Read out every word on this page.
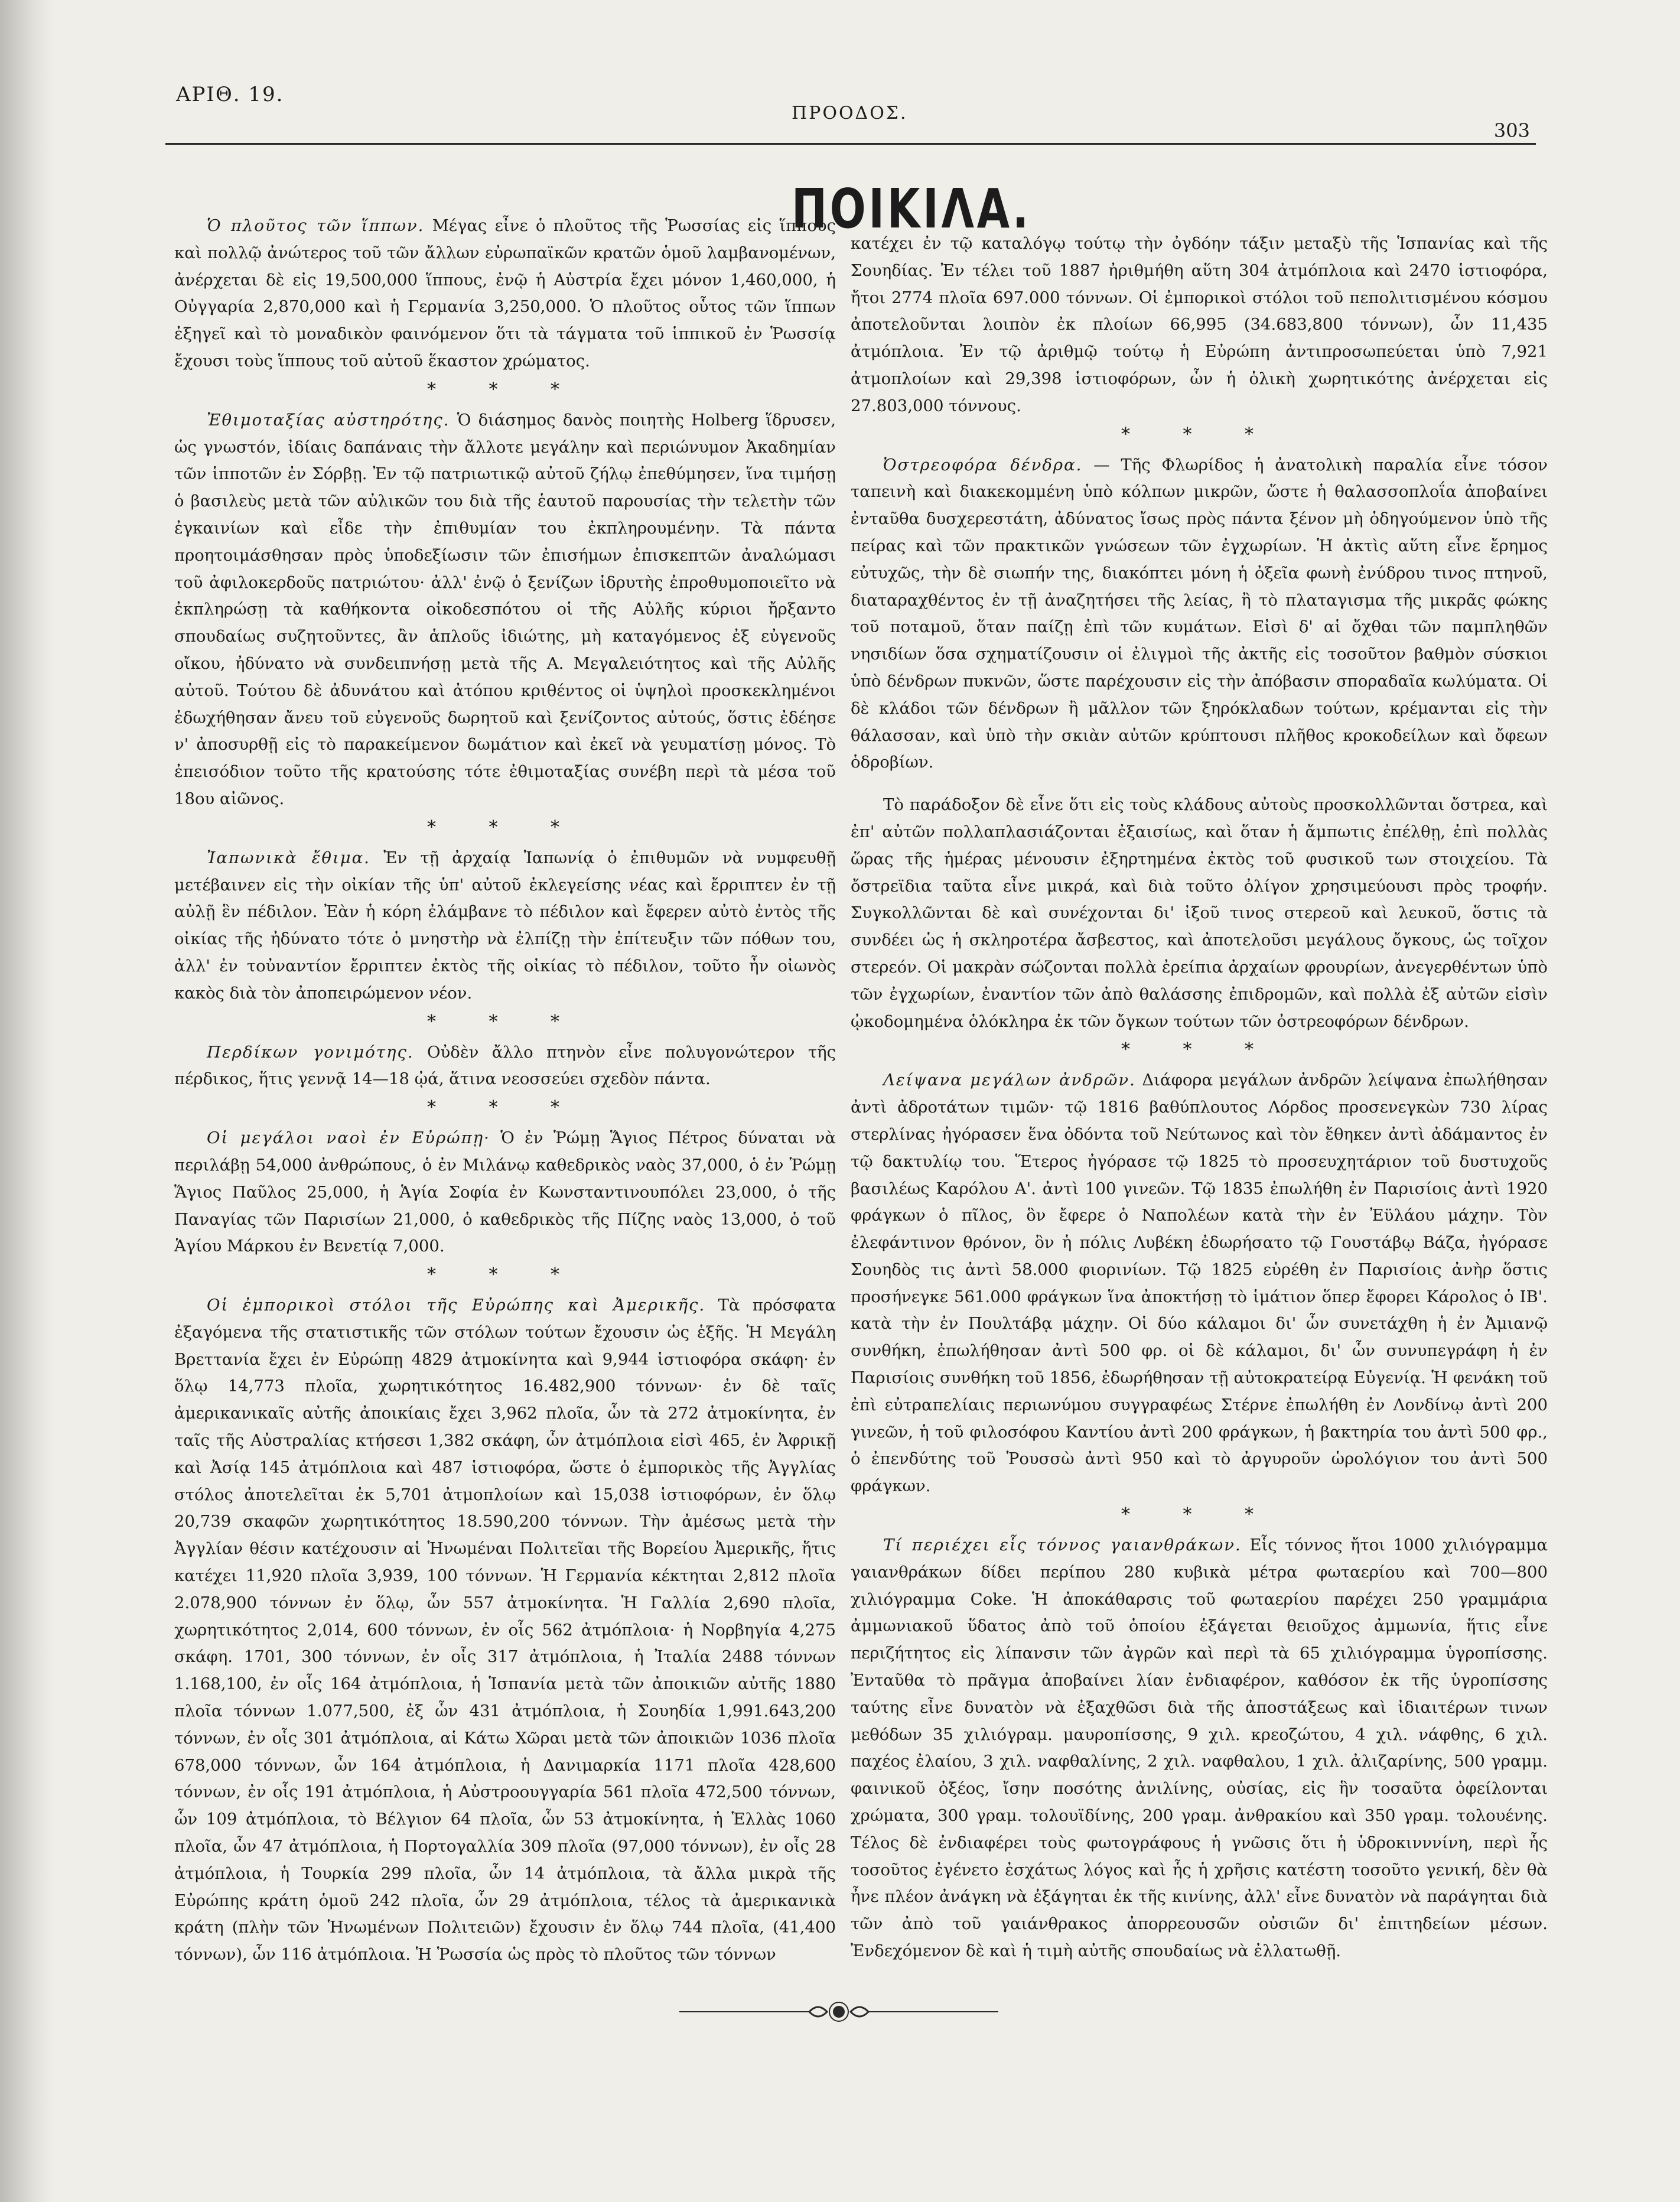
ΑΡΙΘ. 19.
ΠΡΟΟΔΟΣ.
303
ΠΟΙΚΙΛΑ.

Ὁ πλοῦτος τῶν ἵππων. Μέγας εἶνε ὁ πλοῦτος τῆς Ῥωσσίας εἰς ἵππους καὶ πολλῷ ἀνώτερος τοῦ τῶν ἄλλων εὐρωπαϊκῶν κρατῶν ὁμοῦ λαμβανομένων, ἀνέρχεται δὲ εἰς 19,500,000 ἵππους, ἐνῷ ἡ Αὐστρία ἔχει μόνον 1,460,000, ἡ Οὐγγαρία 2,870,000 καὶ ἡ Γερμανία 3,250,000. Ὁ πλοῦτος οὗτος τῶν ἵππων ἐξηγεῖ καὶ τὸ μοναδικὸν φαινόμενον ὅτι τὰ τάγματα τοῦ ἱππικοῦ ἐν Ῥωσσίᾳ ἔχουσι τοὺς ἵππους τοῦ αὐτοῦ ἕκαστον χρώματος.

* * *

Ἐθιμοταξίας αὐστηρότης. Ὁ διάσημος δανὸς ποιητὴς Holberg ἵδρυσεν, ὡς γνωστόν, ἰδίαις δαπάναις τὴν ἄλλοτε μεγάλην καὶ περιώνυμον Ἀκαδημίαν τῶν ἱπποτῶν ἐν Σόρβῃ. Ἐν τῷ πατριωτικῷ αὐτοῦ ζήλῳ ἐπεθύμησεν, ἵνα τιμήσῃ ὁ βασιλεὺς μετὰ τῶν αὐλικῶν του διὰ τῆς ἑαυτοῦ παρουσίας τὴν τελετὴν τῶν ἐγκαινίων καὶ εἶδε τὴν ἐπιθυμίαν του ἐκπληρουμένην. Τὰ πάντα προητοιμάσθησαν πρὸς ὑποδεξίωσιν τῶν ἐπισήμων ἐπισκεπτῶν ἀναλώμασι τοῦ ἀφιλοκερδοῦς πατριώτου· ἀλλ' ἐνῷ ὁ ξενίζων ἱδρυτὴς ἐπροθυμοποιεῖτο νὰ ἐκπληρώσῃ τὰ καθήκοντα οἰκοδεσπότου οἱ τῆς Αὐλῆς κύριοι ἤρξαντο σπουδαίως συζητοῦντες, ἂν ἁπλοῦς ἰδιώτης, μὴ καταγόμενος ἐξ εὐγενοῦς οἴκου, ἠδύνατο νὰ συνδειπνήσῃ μετὰ τῆς Α. Μεγαλειότητος καὶ τῆς Αὐλῆς αὐτοῦ. Τούτου δὲ ἀδυνάτου καὶ ἀτόπου κριθέντος οἱ ὑψηλοὶ προσκεκλημένοι ἐδωχήθησαν ἄνευ τοῦ εὐγενοῦς δωρητοῦ καὶ ξενίζοντος αὐτούς, ὅστις ἐδέησε ν' ἀποσυρθῇ εἰς τὸ παρακείμενον δωμάτιον καὶ ἐκεῖ νὰ γευματίσῃ μόνος. Τὸ ἐπεισόδιον τοῦτο τῆς κρατούσης τότε ἐθιμοταξίας συνέβη περὶ τὰ μέσα τοῦ 18ου αἰῶνος.

* * *

Ἰαπωνικὰ ἔθιμα. Ἐν τῇ ἀρχαίᾳ Ἰαπωνίᾳ ὁ ἐπιθυμῶν νὰ νυμφευθῇ μετέβαινεν εἰς τὴν οἰκίαν τῆς ὑπ' αὐτοῦ ἐκλεγείσης νέας καὶ ἔρριπτεν ἐν τῇ αὐλῇ ἓν πέδιλον. Ἐὰν ἡ κόρη ἐλάμβανε τὸ πέδιλον καὶ ἔφερεν αὐτὸ ἐντὸς τῆς οἰκίας τῆς ἠδύνατο τότε ὁ μνηστὴρ νὰ ἐλπίζῃ τὴν ἐπίτευξιν τῶν πόθων του, ἀλλ' ἐν τοὐναντίον ἔρριπτεν ἐκτὸς τῆς οἰκίας τὸ πέδιλον, τοῦτο ἦν οἰωνὸς κακὸς διὰ τὸν ἀποπειρώμενον νέον.

* * *

Περδίκων γονιμότης. Οὐδὲν ἄλλο πτηνὸν εἶνε πολυγονώτερον τῆς πέρδικος, ἥτις γεννᾷ 14—18 ᾠά, ἅτινα νεοσσεύει σχεδὸν πάντα.

* * *

Οἱ μεγάλοι ναοὶ ἐν Εὐρώπῃ· Ὁ ἐν Ῥώμῃ Ἅγιος Πέτρος δύναται νὰ περιλάβῃ 54,000 ἀνθρώπους, ὁ ἐν Μιλάνῳ καθεδρικὸς ναὸς 37,000, ὁ ἐν Ῥώμῃ Ἅγιος Παῦλος 25,000, ἡ Ἁγία Σοφία ἐν Κωνσταντινουπόλει 23,000, ὁ τῆς Παναγίας τῶν Παρισίων 21,000, ὁ καθεδρικὸς τῆς Πίζης ναὸς 13,000, ὁ τοῦ Ἁγίου Μάρκου ἐν Βενετίᾳ 7,000.

* * *

Οἱ ἐμπορικοὶ στόλοι τῆς Εὐρώπης καὶ Ἀμερικῆς. Τὰ πρόσφατα ἐξαγόμενα τῆς στατιστικῆς τῶν στόλων τούτων ἔχουσιν ὡς ἑξῆς. Ἡ Μεγάλη Βρεττανία ἔχει ἐν Εὐρώπῃ 4829 ἀτμοκίνητα καὶ 9,944 ἱστιοφόρα σκάφη· ἐν ὅλῳ 14,773 πλοῖα, χωρητικότητος 16.482,900 τόννων· ἐν δὲ ταῖς ἀμερικανικαῖς αὐτῆς ἀποικίαις ἔχει 3,962 πλοῖα, ὧν τὰ 272 ἀτμοκίνητα, ἐν ταῖς τῆς Αὐστραλίας κτήσεσι 1,382 σκάφη, ὧν ἀτμόπλοια εἰσὶ 465, ἐν Ἀφρικῇ καὶ Ἀσίᾳ 145 ἀτμόπλοια καὶ 487 ἱστιοφόρα, ὥστε ὁ ἐμπορικὸς τῆς Ἀγγλίας στόλος ἀποτελεῖται ἐκ 5,701 ἀτμοπλοίων καὶ 15,038 ἱστιοφόρων, ἐν ὅλῳ 20,739 σκαφῶν χωρητικότητος 18.590,200 τόννων. Τὴν ἀμέσως μετὰ τὴν Ἀγγλίαν θέσιν κατέχουσιν αἱ Ἡνωμέναι Πολιτεῖαι τῆς Βορείου Ἀμερικῆς, ἥτις κατέχει 11,920 πλοῖα 3,939, 100 τόννων. Ἡ Γερμανία κέκτηται 2,812 πλοῖα 2.078,900 τόννων ἐν ὅλῳ, ὧν 557 ἀτμοκίνητα. Ἡ Γαλλία 2,690 πλοῖα, χωρητικότητος 2,014, 600 τόννων, ἐν οἷς 562 ἀτμόπλοια· ἡ Νορβηγία 4,275 σκάφη. 1701, 300 τόννων, ἐν οἷς 317 ἀτμόπλοια, ἡ Ἰταλία 2488 τόννων 1.168,100, ἐν οἷς 164 ἀτμόπλοια, ἡ Ἱσπανία μετὰ τῶν ἀποικιῶν αὐτῆς 1880 πλοῖα τόννων 1.077,500, ἐξ ὧν 431 ἀτμόπλοια, ἡ Σουηδία 1,991.643,200 τόννων, ἐν οἷς 301 ἀτμόπλοια, αἱ Κάτω Χῶραι μετὰ τῶν ἀποικιῶν 1036 πλοῖα 678,000 τόννων, ὧν 164 ἀτμόπλοια, ἡ Δανιμαρκία 1171 πλοῖα 428,600 τόννων, ἐν οἷς 191 ἀτμόπλοια, ἡ Αὐστροουγγαρία 561 πλοῖα 472,500 τόννων, ὧν 109 ἀτμόπλοια, τὸ Βέλγιον 64 πλοῖα, ὧν 53 ἀτμοκίνητα, ἡ Ἑλλὰς 1060 πλοῖα, ὧν 47 ἀτμόπλοια, ἡ Πορτογαλλία 309 πλοῖα (97,000 τόννων), ἐν οἷς 28 ἀτμόπλοια, ἡ Τουρκία 299 πλοῖα, ὧν 14 ἀτμόπλοια, τὰ ἄλλα μικρὰ τῆς Εὐρώπης κράτη ὁμοῦ 242 πλοῖα, ὧν 29 ἀτμόπλοια, τέλος τὰ ἀμερικανικὰ κράτη (πλὴν τῶν Ἡνωμένων Πολιτειῶν) ἔχουσιν ἐν ὅλῳ 744 πλοῖα, (41,400 τόννων), ὧν 116 ἀτμόπλοια. Ἡ Ῥωσσία ὡς πρὸς τὸ πλοῦτος τῶν τόννων

κατέχει ἐν τῷ καταλόγῳ τούτῳ τὴν ὀγδόην τάξιν μεταξὺ τῆς Ἱσπανίας καὶ τῆς Σουηδίας. Ἐν τέλει τοῦ 1887 ἠριθμήθη αὕτη 304 ἀτμόπλοια καὶ 2470 ἱστιοφόρα, ἤτοι 2774 πλοῖα 697.000 τόννων. Οἱ ἐμπορικοὶ στόλοι τοῦ πεπολιτισμένου κόσμου ἀποτελοῦνται λοιπὸν ἐκ πλοίων 66,995 (34.683,800 τόννων), ὧν 11,435 ἀτμόπλοια. Ἐν τῷ ἀριθμῷ τούτῳ ἡ Εὐρώπη ἀντιπροσωπεύεται ὑπὸ 7,921 ἀτμοπλοίων καὶ 29,398 ἱστιοφόρων, ὧν ἡ ὁλικὴ χωρητικότης ἀνέρχεται εἰς 27.803,000 τόννους.

* * *

Ὀστρεοφόρα δένδρα. — Τῆς Φλωρίδος ἡ ἀνατολικὴ παραλία εἶνε τόσον ταπεινὴ καὶ διακεκομμένη ὑπὸ κόλπων μικρῶν, ὥστε ἡ θαλασσοπλοΐα ἀποβαίνει ἐνταῦθα δυσχερεστάτη, ἀδύνατος ἴσως πρὸς πάντα ξένον μὴ ὁδηγούμενον ὑπὸ τῆς πείρας καὶ τῶν πρακτικῶν γνώσεων τῶν ἐγχωρίων. Ἡ ἀκτὶς αὕτη εἶνε ἔρημος εὐτυχῶς, τὴν δὲ σιωπήν της, διακόπτει μόνη ἡ ὀξεῖα φωνὴ ἐνύδρου τινος πτηνοῦ, διαταραχθέντος ἐν τῇ ἀναζητήσει τῆς λείας, ἢ τὸ πλαταγισμα τῆς μικρᾶς φώκης τοῦ ποταμοῦ, ὅταν παίζῃ ἐπὶ τῶν κυμάτων. Εἰσὶ δ' αἱ ὄχθαι τῶν παμπληθῶν νησιδίων ὅσα σχηματίζουσιν οἱ ἐλιγμοὶ τῆς ἀκτῆς εἰς τοσοῦτον βαθμὸν σύσκιοι ὑπὸ δένδρων πυκνῶν, ὥστε παρέχουσιν εἰς τὴν ἀπόβασιν σποραδαῖα κωλύματα. Οἱ δὲ κλάδοι τῶν δένδρων ἢ μᾶλλον τῶν ξηρόκλαδων τούτων, κρέμανται εἰς τὴν θάλασσαν, καὶ ὑπὸ τὴν σκιὰν αὐτῶν κρύπτουσι πλῆθος κροκοδείλων καὶ ὄφεων ὁδροβίων.

Τὸ παράδοξον δὲ εἶνε ὅτι εἰς τοὺς κλάδους αὐτοὺς προσκολλῶνται ὄστρεα, καὶ ἐπ' αὐτῶν πολλαπλασιάζονται ἐξαισίως, καὶ ὅταν ἡ ἄμπωτις ἐπέλθῃ, ἐπὶ πολλὰς ὥρας τῆς ἡμέρας μένουσιν ἐξηρτημένα ἐκτὸς τοῦ φυσικοῦ των στοιχείου. Τὰ ὄστρεϊδια ταῦτα εἶνε μικρά, καὶ διὰ τοῦτο ὀλίγον χρησιμεύουσι πρὸς τροφήν. Συγκολλῶνται δὲ καὶ συνέχονται δι' ἰξοῦ τινος στερεοῦ καὶ λευκοῦ, ὅστις τὰ συνδέει ὡς ἡ σκληροτέρα ἄσβεστος, καὶ ἀποτελοῦσι μεγάλους ὄγκους, ὡς τοῖχον στερεόν. Οἱ μακρὰν σώζονται πολλὰ ἐρείπια ἀρχαίων φρουρίων, ἀνεγερθέντων ὑπὸ τῶν ἐγχωρίων, ἐναντίον τῶν ἀπὸ θαλάσσης ἐπιδρομῶν, καὶ πολλὰ ἐξ αὐτῶν εἰσὶν ᾠκοδομημένα ὁλόκληρα ἐκ τῶν ὄγκων τούτων τῶν ὀστρεοφόρων δένδρων.

* * *

Λείψανα μεγάλων ἀνδρῶν. Διάφορα μεγάλων ἀνδρῶν λείψανα ἐπωλήθησαν ἀντὶ ἀδροτάτων τιμῶν· τῷ 1816 βαθύπλουτος Λόρδος προσενεγκὼν 730 λίρας στερλίνας ἠγόρασεν ἕνα ὀδόντα τοῦ Νεύτωνος καὶ τὸν ἔθηκεν ἀντὶ ἀδάμαντος ἐν τῷ δακτυλίῳ του. Ἕτερος ἠγόρασε τῷ 1825 τὸ προσευχητάριον τοῦ δυστυχοῦς βασιλέως Καρόλου Α'. ἀντὶ 100 γινεῶν. Τῷ 1835 ἐπωλήθη ἐν Παρισίοις ἀντὶ 1920 φράγκων ὁ πῖλος, ὃν ἔφερε ὁ Ναπολέων κατὰ τὴν ἐν Ἐϋλάου μάχην. Τὸν ἐλεφάντινον θρόνον, ὃν ἡ πόλις Λυβέκη ἐδωρήσατο τῷ Γουστάβῳ Βάζα, ἠγόρασε Σουηδὸς τις ἀντὶ 58.000 φιορινίων. Τῷ 1825 εὑρέθη ἐν Παρισίοις ἀνὴρ ὅστις προσήνεγκε 561.000 φράγκων ἵνα ἀποκτήσῃ τὸ ἱμάτιον ὅπερ ἔφορει Κάρολος ὁ ΙΒ'. κατὰ τὴν ἐν Πουλτάβᾳ μάχην. Οἱ δύο κάλαμοι δι' ὧν συνετάχθη ἡ ἐν Ἀμιανῷ συνθήκη, ἐπωλήθησαν ἀντὶ 500 φρ. οἱ δὲ κάλαμοι, δι' ὧν συνυπεγράφη ἡ ἐν Παρισίοις συνθήκη τοῦ 1856, ἐδωρήθησαν τῇ αὐτοκρατείρᾳ Εὐγενίᾳ. Ἡ φενάκη τοῦ ἐπὶ εὐτραπελίαις περιωνύμου συγγραφέως Στέρνε ἐπωλήθη ἐν Λονδίνῳ ἀντὶ 200 γινεῶν, ἡ τοῦ φιλοσόφου Καντίου ἀντὶ 200 φράγκων, ἡ βακτηρία του ἀντὶ 500 φρ., ὁ ἐπενδύτης τοῦ Ῥουσσὼ ἀντὶ 950 καὶ τὸ ἀργυροῦν ὡρολόγιον του ἀντὶ 500 φράγκων.

* * *

Τί περιέχει εἷς τόννος γαιανθράκων. Εἷς τόννος ἤτοι 1000 χιλιόγραμμα γαιανθράκων δίδει περίπου 280 κυβικὰ μέτρα φωταερίου καὶ 700—800 χιλιόγραμμα Coke. Ἡ ἀποκάθαρσις τοῦ φωταερίου παρέχει 250 γραμμάρια ἀμμωνιακοῦ ὕδατος ἀπὸ τοῦ ὁποίου ἐξάγεται θειοῦχος ἀμμωνία, ἥτις εἶνε περιζήτητος εἰς λίπανσιν τῶν ἀγρῶν καὶ περὶ τὰ 65 χιλιόγραμμα ὑγροπίσσης. Ἐνταῦθα τὸ πρᾶγμα ἀποβαίνει λίαν ἐνδιαφέρον, καθόσον ἐκ τῆς ὑγροπίσσης ταύτης εἶνε δυνατὸν νὰ ἐξαχθῶσι διὰ τῆς ἀποστάξεως καὶ ἰδιαιτέρων τινων μεθόδων 35 χιλιόγραμ. μαυροπίσσης, 9 χιλ. κρεοζώτου, 4 χιλ. νάφθης, 6 χιλ. παχέος ἐλαίου, 3 χιλ. ναφθαλίνης, 2 χιλ. ναφθαλου, 1 χιλ. ἀλιζαρίνης, 500 γραμμ. φαινικοῦ ὀξέος, ἴσην ποσότης ἀνιλίνης, οὐσίας, εἰς ἣν τοσαῦτα ὀφείλονται χρώματα, 300 γραμ. τολουϊδίνης, 200 γραμ. ἀνθρακίου καὶ 350 γραμ. τολουένης. Τέλος δὲ ἐνδιαφέρει τοὺς φωτογράφους ἡ γνῶσις ὅτι ἡ ὑδροκινννίνη, περὶ ἧς τοσοῦτος ἐγένετο ἐσχάτως λόγος καὶ ἧς ἡ χρῆσις κατέστη τοσοῦτο γενική, δὲν θὰ ἦνε πλέον ἀνάγκη νὰ ἐξάγηται ἐκ τῆς κινίνης, ἀλλ' εἶνε δυνατὸν νὰ παράγηται διὰ τῶν ἀπὸ τοῦ γαιάνθρακος ἀπορρεουσῶν οὐσιῶν δι' ἐπιτηδείων μέσων. Ἐνδεχόμενον δὲ καὶ ἡ τιμὴ αὐτῆς σπουδαίως νὰ ἐλλατωθῇ.
